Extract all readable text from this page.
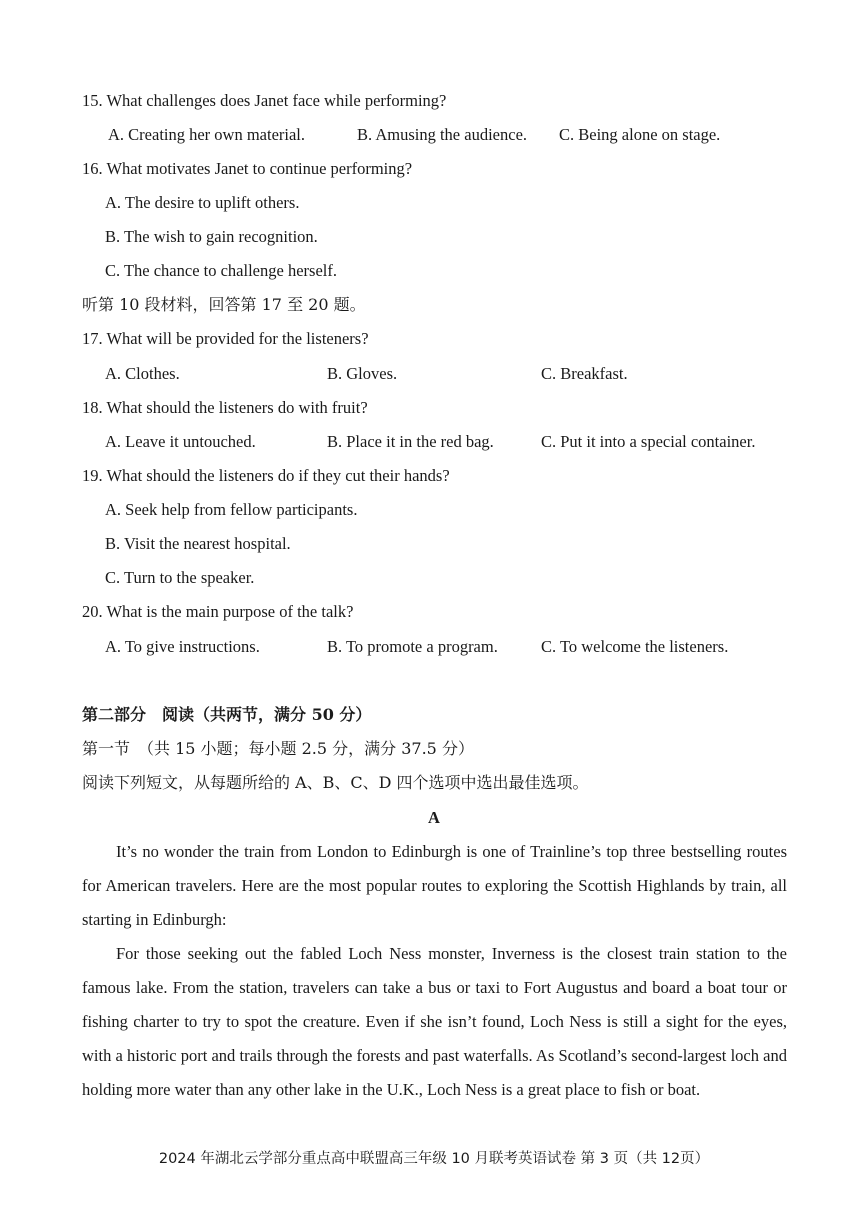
15. What challenges does Janet face while performing?
A. Creating her own material.	B. Amusing the audience. C. Being alone on stage.
16. What motivates Janet to continue performing?
A. The desire to uplift others.
B. The wish to gain recognition.
C. The chance to challenge herself.
听第 10 段材料，回答第 17 至 20 题。
17. What will be provided for the listeners?
A. Clothes.	B. Gloves.	C. Breakfast.
18. What should the listeners do with fruit?
A. Leave it untouched.	B. Place it in the red bag.	C. Put it into a special container.
19. What should the listeners do if they cut their hands?
A. Seek help from fellow participants.
B. Visit the nearest hospital.
C. Turn to the speaker.
20. What is the main purpose of the talk?
A. To give instructions.	B. To promote a program.	C. To welcome the listeners.
第二部分　阅读（共两节，满分 50 分）
第一节　（共 15 小题；每小题 2.5 分，满分 37.5 分）
阅读下列短文，从每题所给的 A、B、C、D 四个选项中选出最佳选项。
A

It’s no wonder the train from London to Edinburgh is one of Trainline’s top three bestselling routes for American travelers. Here are the most popular routes to exploring the Scottish Highlands by train, all starting in Edinburgh:

For those seeking out the fabled Loch Ness monster, Inverness is the closest train station to the famous lake. From the station, travelers can take a bus or taxi to Fort Augustus and board a boat tour or fishing charter to try to spot the creature. Even if she isn’t found, Loch Ness is still a sight for the eyes, with a historic port and trails through the forests and past waterfalls. As Scotland’s second-largest loch and holding more water than any other lake in the U.K., Loch Ness is a great place to fish or boat.

2024 年湖北云学部分重点高中联盟高三年级 10 月联考英语试卷 第 3 页（共 12页）
